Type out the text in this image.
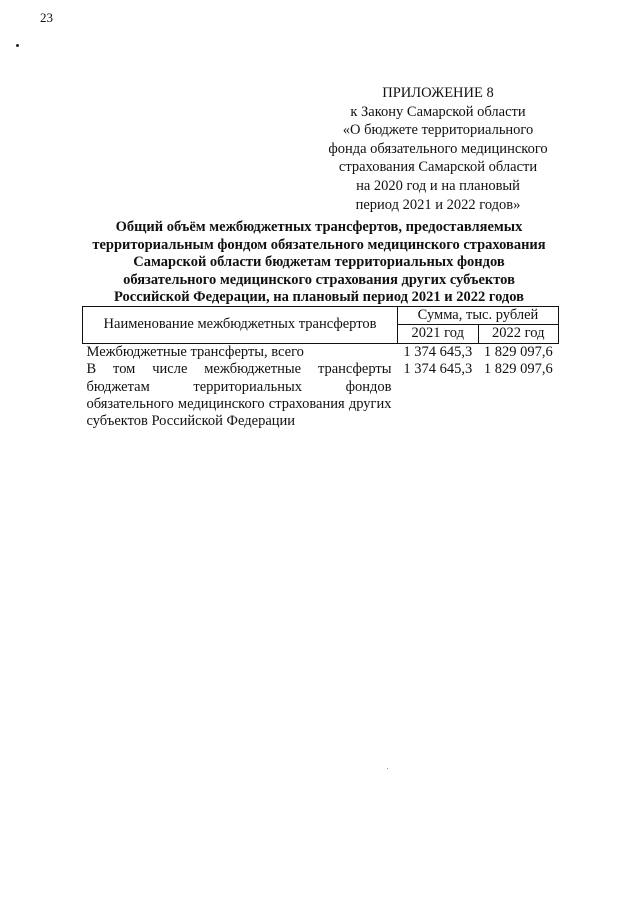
23
ПРИЛОЖЕНИЕ 8
к Закону Самарской области
«О бюджете территориального
фонда обязательного медицинского
страхования Самарской области
на 2020 год и на плановый
период 2021 и 2022 годов»
Общий объём межбюджетных трансфертов, предоставляемых
территориальным фондом обязательного медицинского страхования
Самарской области бюджетам территориальных фондов
обязательного медицинского страхования других субъектов
Российской Федерации, на плановый период 2021 и 2022 годов
Наименование межбюджетных трансфертов	Сумма, тыс. рублей	
	2021 год	2022 год
Межбюджетные трансферты, всего	1 374 645,3	1 829 097,6
В том числе межбюджетные трансферты бюджетам территориальных фондов обязательного медицинского страхования других субъектов Российской Федерации	1 374 645,3	1 829 097,6
